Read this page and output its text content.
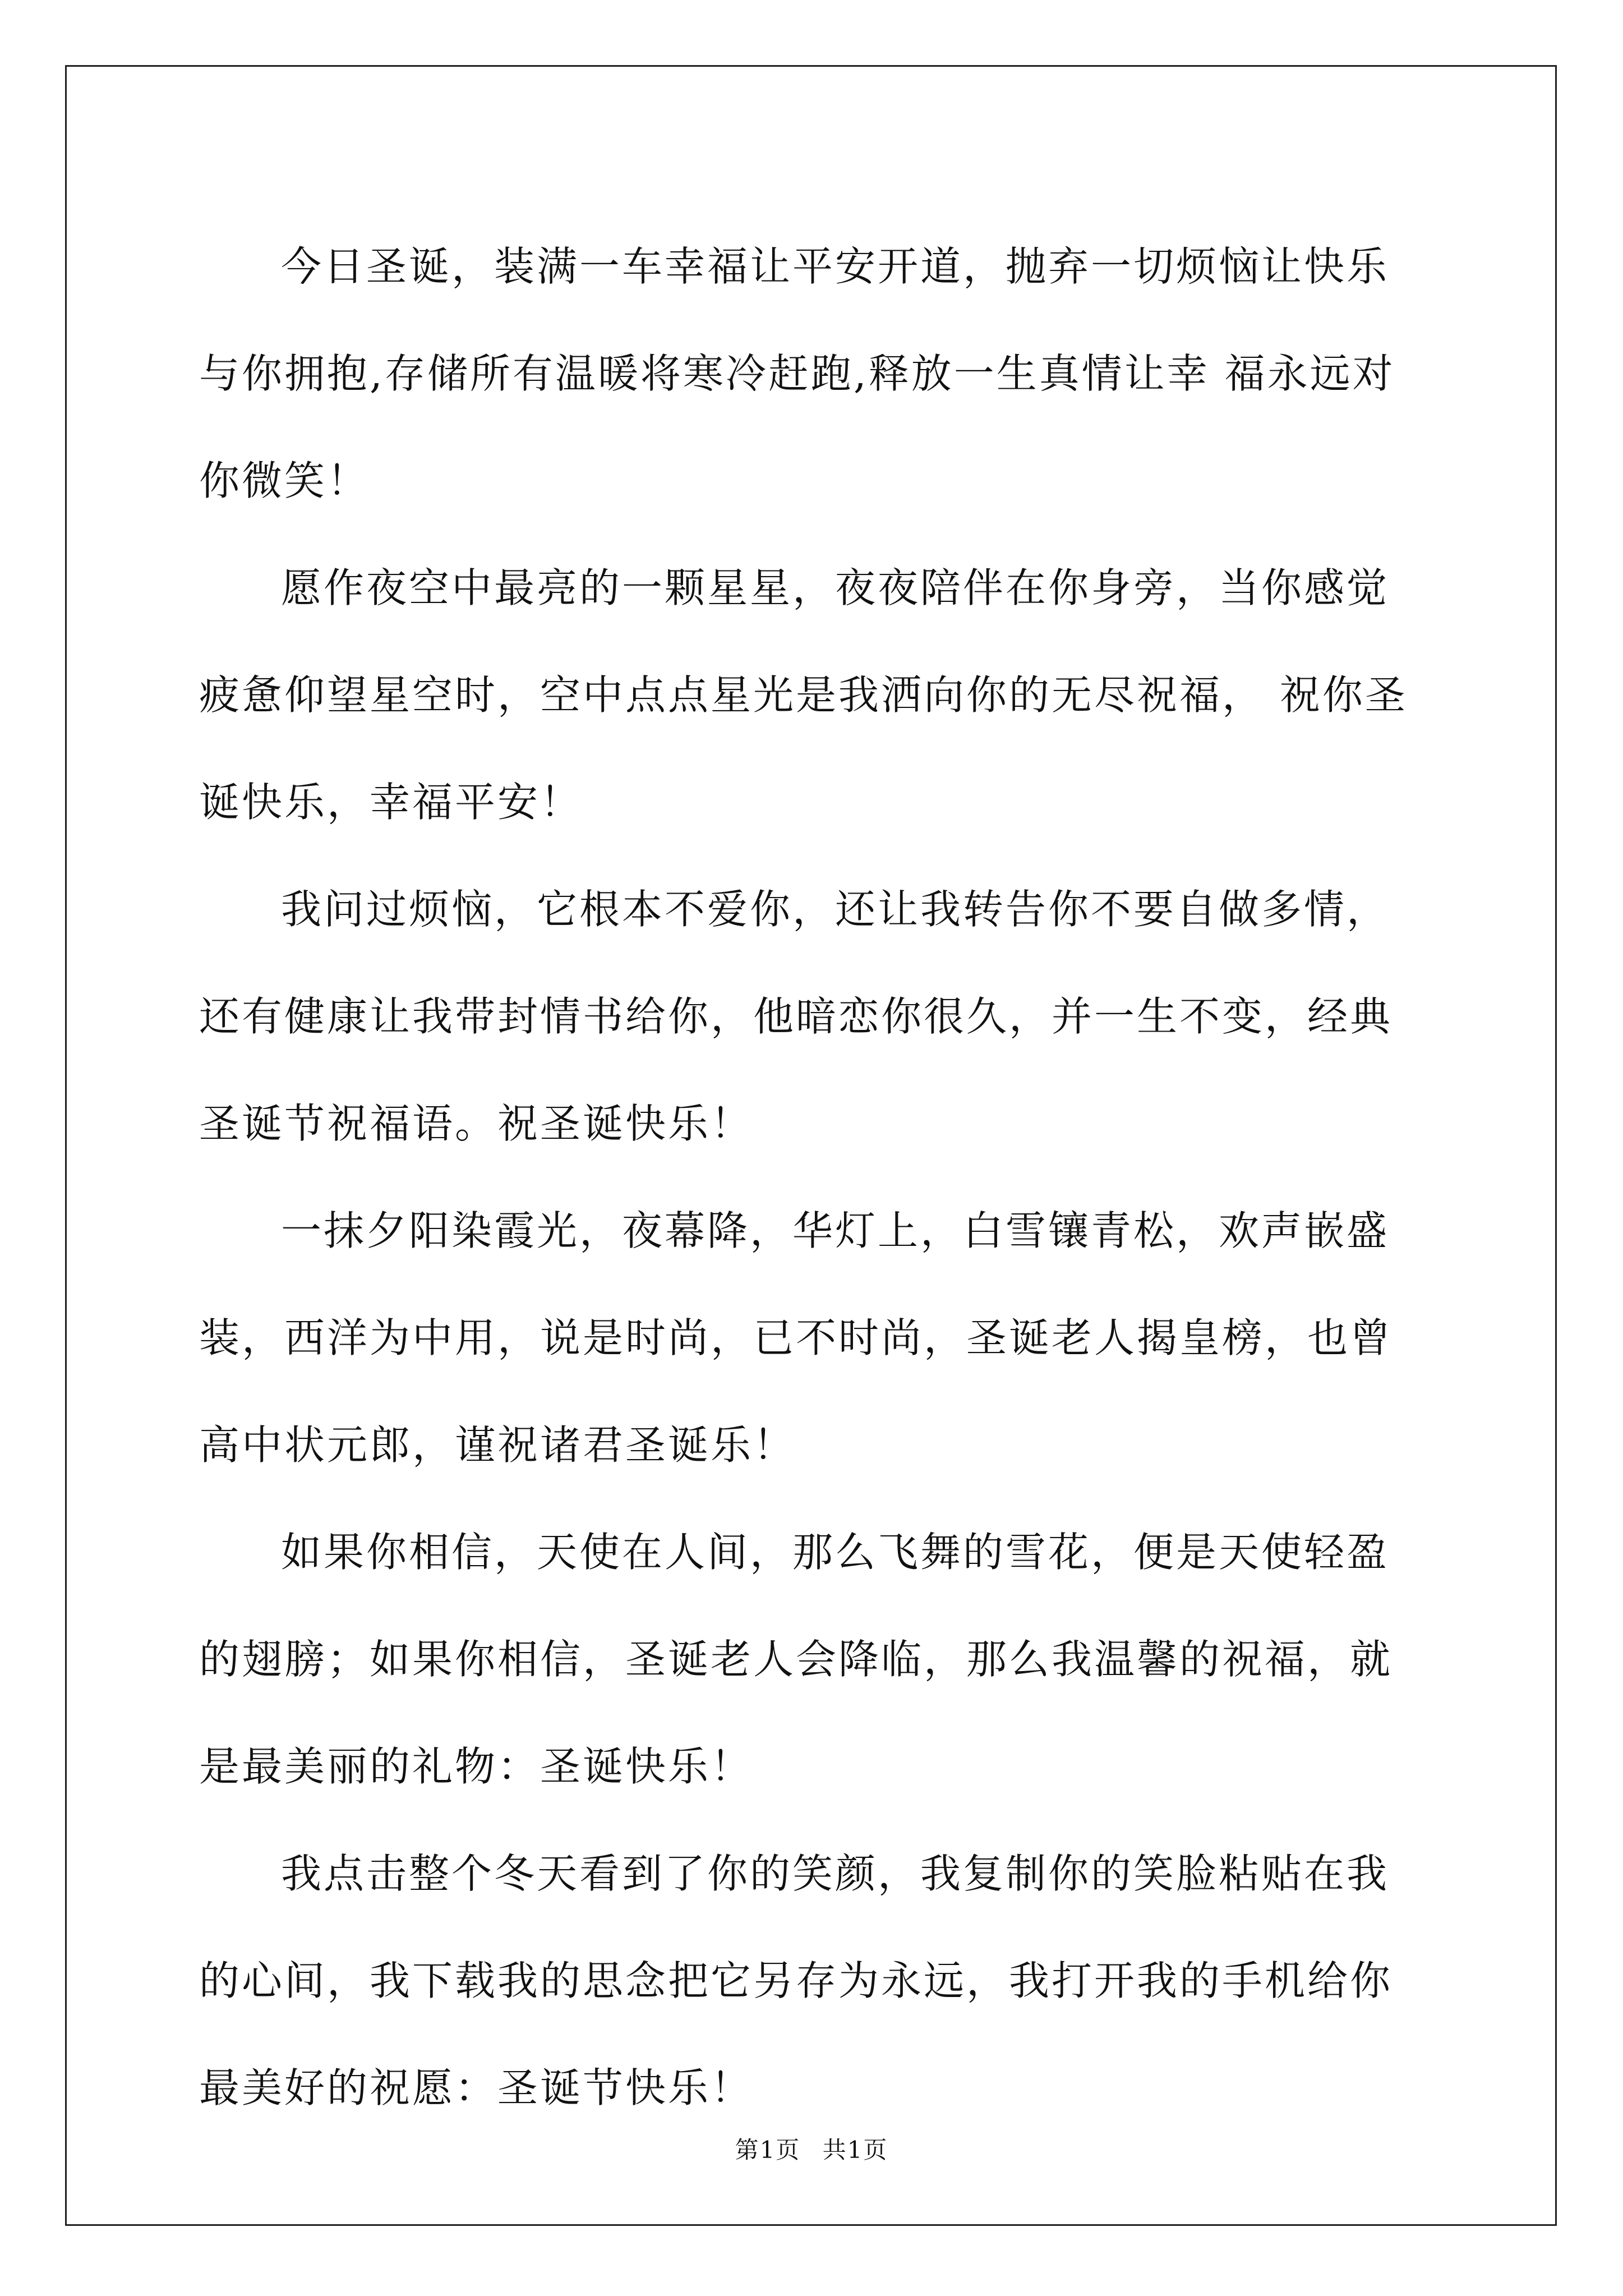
今日圣诞，装满一车幸福让平安开道，抛弃一切烦恼让快乐与你拥抱,存储所有温暖将寒冷赶跑,释放一生真情让幸 福永远对你微笑！

愿作夜空中最亮的一颗星星，夜夜陪伴在你身旁，当你感觉疲惫仰望星空时，空中点点星光是我洒向你的无尽祝福， 祝你圣诞快乐，幸福平安！

我问过烦恼，它根本不爱你，还让我转告你不要自做多情，还有健康让我带封情书给你，他暗恋你很久，并一生不变，经典圣诞节祝福语。祝圣诞快乐！

一抹夕阳染霞光，夜幕降，华灯上，白雪镶青松，欢声嵌盛装，西洋为中用，说是时尚，已不时尚，圣诞老人揭皇榜，也曾高中状元郎，谨祝诸君圣诞乐！

如果你相信，天使在人间，那么飞舞的雪花，便是天使轻盈的翅膀；如果你相信，圣诞老人会降临，那么我温馨的祝福，就是最美丽的礼物：圣诞快乐！

我点击整个冬天看到了你的笑颜，我复制你的笑脸粘贴在我的心间，我下载我的思念把它另存为永远，我打开我的手机给你最美好的祝愿：圣诞节快乐！

第1页 共1页
